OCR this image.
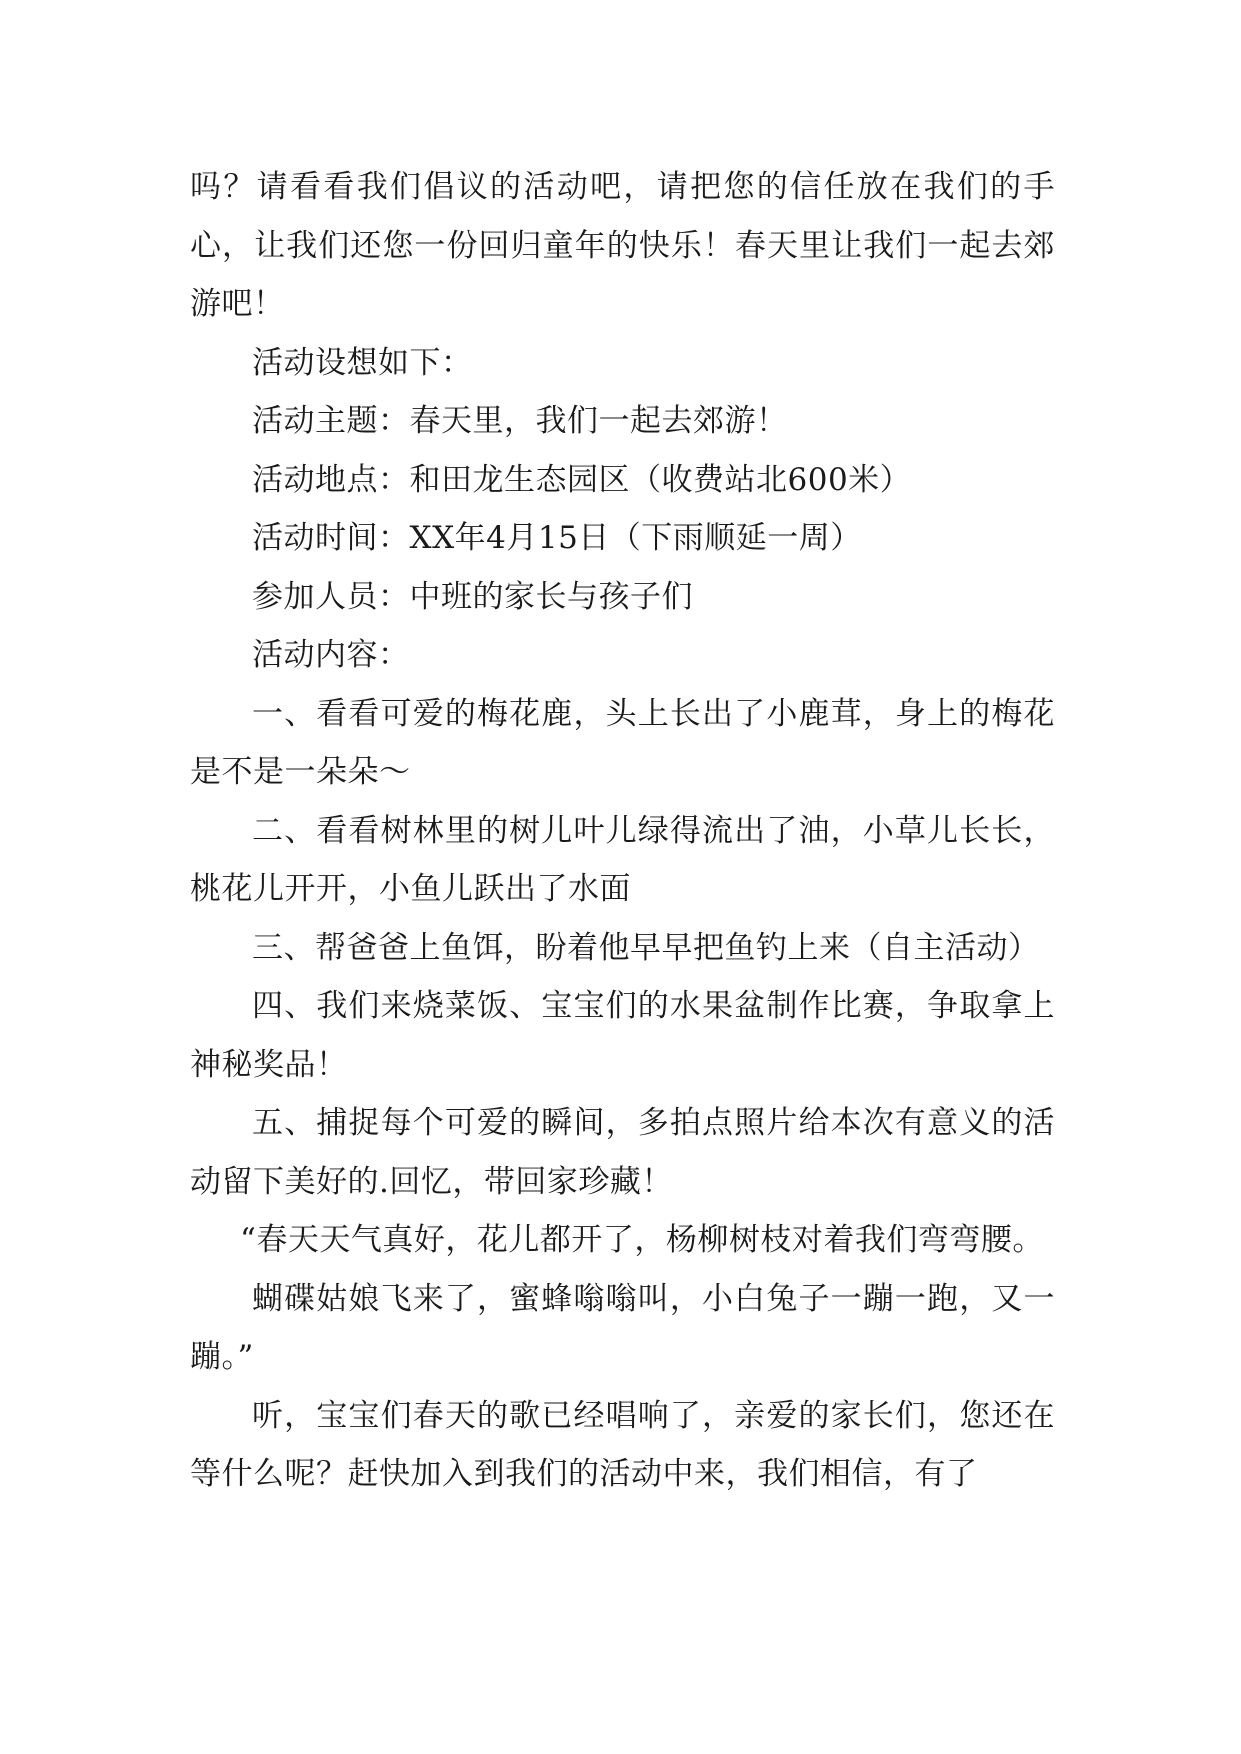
吗？请看看我们倡议的活动吧，请把您的信任放在我们的手心，让我们还您一份回归童年的快乐！春天里让我们一起去郊游吧！

活动设想如下：

活动主题：春天里，我们一起去郊游！

活动地点：和田龙生态园区（收费站北600米）

活动时间：XX年4月15日（下雨顺延一周）

参加人员：中班的家长与孩子们

活动内容：

一、看看可爱的梅花鹿，头上长出了小鹿茸，身上的梅花是不是一朵朵～

二、看看树林里的树儿叶儿绿得流出了油，小草儿长长，桃花儿开开，小鱼儿跃出了水面

三、帮爸爸上鱼饵，盼着他早早把鱼钓上来（自主活动）

四、我们来烧菜饭、宝宝们的水果盆制作比赛，争取拿上神秘奖品！

五、捕捉每个可爱的瞬间，多拍点照片给本次有意义的活动留下美好的.回忆，带回家珍藏！

“春天天气真好，花儿都开了，杨柳树枝对着我们弯弯腰。

蝴碟姑娘飞来了，蜜蜂嗡嗡叫，小白兔子一蹦一跑，又一蹦。”

听，宝宝们春天的歌已经唱响了，亲爱的家长们，您还在等什么呢？赶快加入到我们的活动中来，我们相信，有了
